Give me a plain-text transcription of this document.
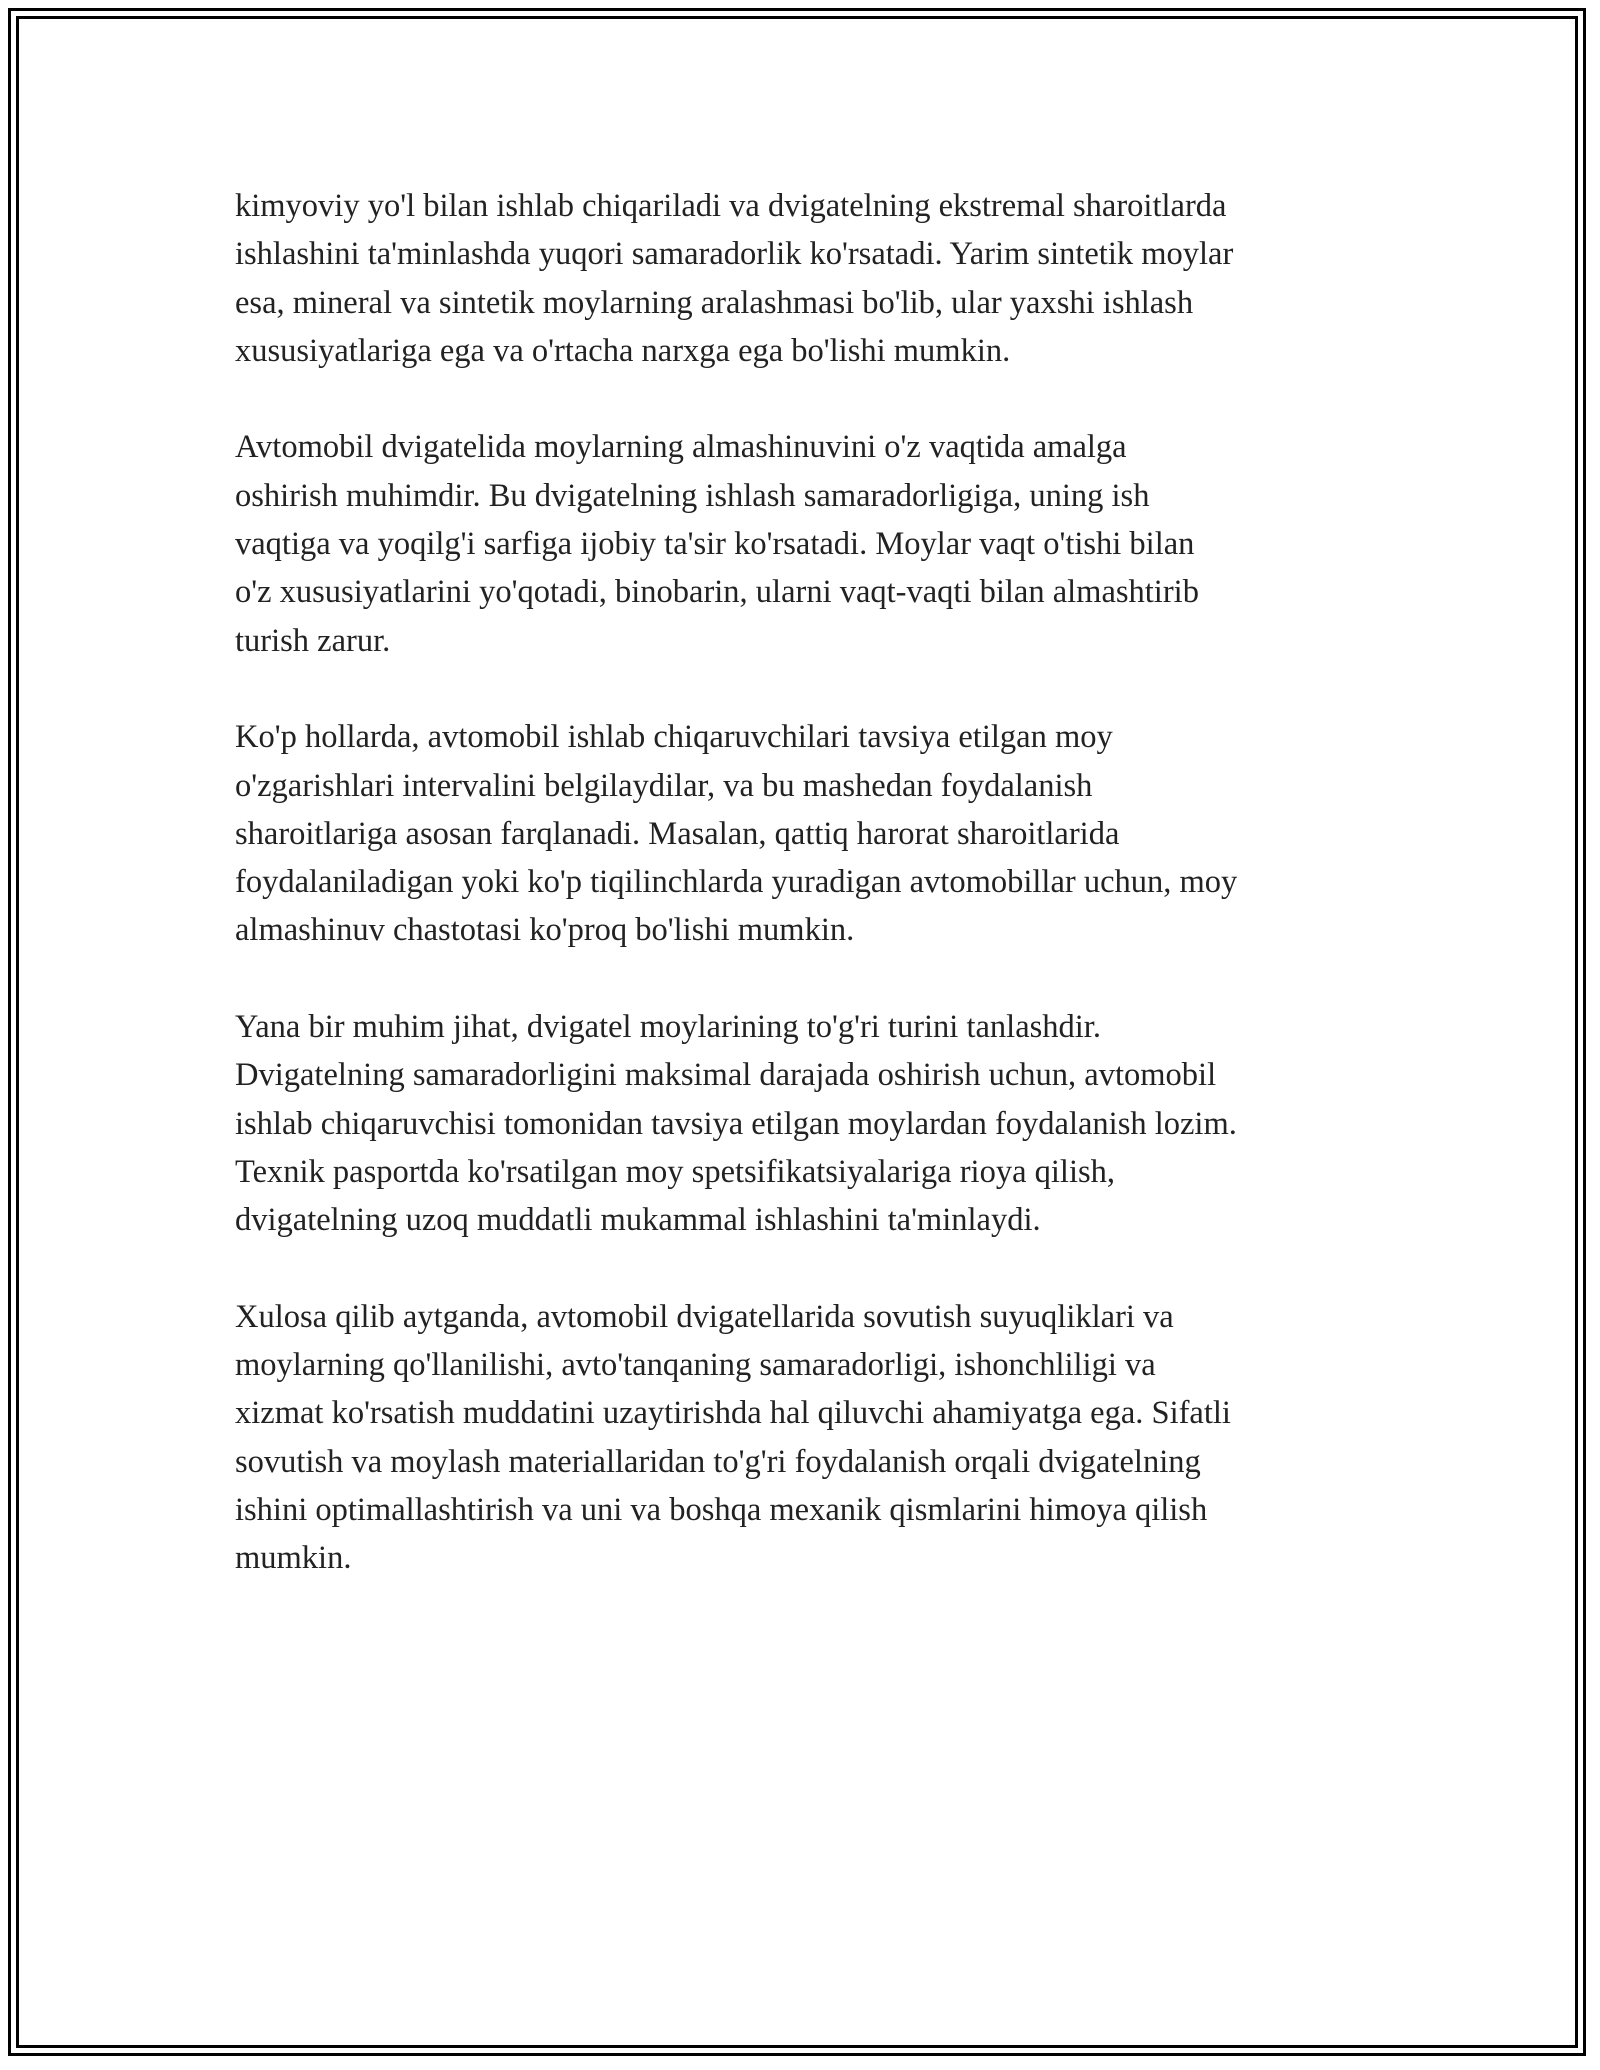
kimyoviy yo'l bilan ishlab chiqariladi va dvigatelning ekstremal sharoitlarda
ishlashini ta'minlashda yuqori samaradorlik ko'rsatadi. Yarim sintetik moylar
esa, mineral va sintetik moylarning aralashmasi bo'lib, ular yaxshi ishlash
xususiyatlariga ega va o'rtacha narxga ega bo'lishi mumkin.

Avtomobil dvigatelida moylarning almashinuvini o'z vaqtida amalga
oshirish muhimdir. Bu dvigatelning ishlash samaradorligiga, uning ish
vaqtiga va yoqilg'i sarfiga ijobiy ta'sir ko'rsatadi. Moylar vaqt o'tishi bilan
o'z xususiyatlarini yo'qotadi, binobarin, ularni vaqt-vaqti bilan almashtirib
turish zarur.

Ko'p hollarda, avtomobil ishlab chiqaruvchilari tavsiya etilgan moy
o'zgarishlari intervalini belgilaydilar, va bu mashedan foydalanish
sharoitlariga asosan farqlanadi. Masalan, qattiq harorat sharoitlarida
foydalaniladigan yoki ko'p tiqilinchlarda yuradigan avtomobillar uchun, moy
almashinuv chastotasi ko'proq bo'lishi mumkin.

Yana bir muhim jihat, dvigatel moylarining to'g'ri turini tanlashdir.
Dvigatelning samaradorligini maksimal darajada oshirish uchun, avtomobil
ishlab chiqaruvchisi tomonidan tavsiya etilgan moylardan foydalanish lozim.
Texnik pasportda ko'rsatilgan moy spetsifikatsiyalariga rioya qilish,
dvigatelning uzoq muddatli mukammal ishlashini ta'minlaydi.

Xulosa qilib aytganda, avtomobil dvigatellarida sovutish suyuqliklari va
moylarning qo'llanilishi, avto'tanqaning samaradorligi, ishonchliligi va
xizmat ko'rsatish muddatini uzaytirishda hal qiluvchi ahamiyatga ega. Sifatli
sovutish va moylash materiallaridan to'g'ri foydalanish orqali dvigatelning
ishini optimallashtirish va uni va boshqa mexanik qismlarini himoya qilish
mumkin.
